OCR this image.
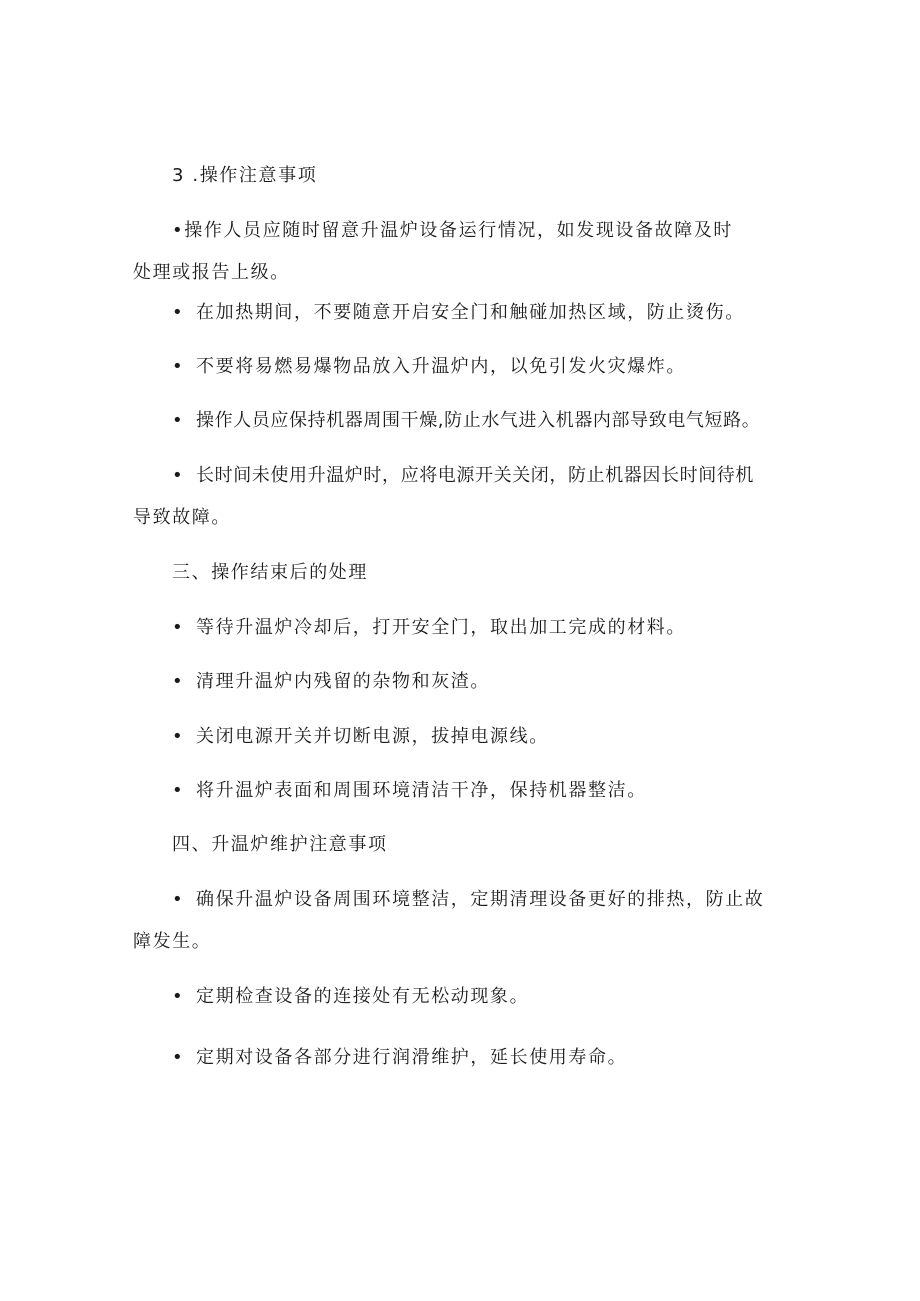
3 .操作注意事项
•操作人员应随时留意升温炉设备运行情况，如发现设备故障及时
处理或报告上级。
• 在加热期间，不要随意开启安全门和触碰加热区域，防止烫伤。
• 不要将易燃易爆物品放入升温炉内，以免引发火灾爆炸。
• 操作人员应保持机器周围干燥,防止水气进入机器内部导致电气短路。
• 长时间未使用升温炉时，应将电源开关关闭，防止机器因长时间待机
导致故障。
三、操作结束后的处理
• 等待升温炉冷却后，打开安全门，取出加工完成的材料。
• 清理升温炉内残留的杂物和灰渣。
• 关闭电源开关并切断电源，拔掉电源线。
• 将升温炉表面和周围环境清洁干净，保持机器整洁。
四、升温炉维护注意事项
• 确保升温炉设备周围环境整洁，定期清理设备更好的排热，防止故
障发生。
• 定期检查设备的连接处有无松动现象。
• 定期对设备各部分进行润滑维护，延长使用寿命。
